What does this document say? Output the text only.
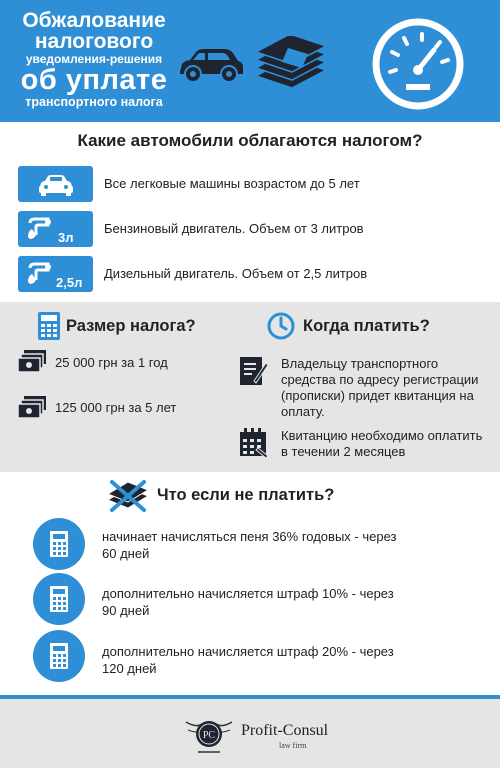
Обжалование
налогового
уведомления-решения
об уплате
транспортного налога
Какие автомобили облагаются налогом?
Все легковые машины возрастом до 5 лет
3л
Бензиновый двигатель. Объем от 3 литров
2,5л
Дизельный двигатель. Объем от 2,5 литров
Размер налога?	Когда платить?
25 000 грн за 1 год
125 000 грн за 5 лет
Владельцу транспортного средства по адресу регистрации (прописки) придет квитанция на оплату.
Квитанцию необходимо оплатить в течении 2 месяцев
Что если не платить?
начинает начисляться пеня 36% годовых - через 60 дней
дополнительно начисляется штраф 10% - через 90 дней
дополнительно начисляется штраф 20% - через 120 дней
PC Profit-Consul
law firm
